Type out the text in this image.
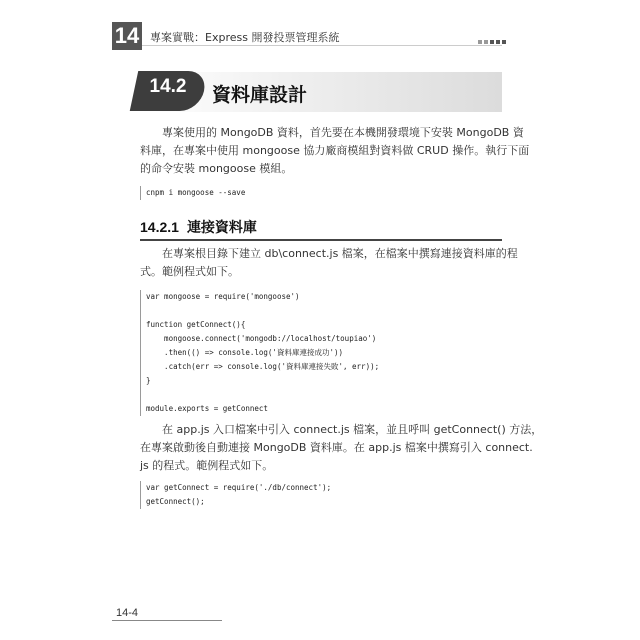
14 專案實戰：Express 開發投票管理系統
14.2	資料庫設計

專案使用的 MongoDB 資料，首先要在本機開發環境下安裝 MongoDB 資
料庫，在專案中使用 mongoose 協力廠商模組對資料做 CRUD 操作。執行下面
的命令安裝 mongoose 模組。

cnpm i mongoose --save
14.2.1 連接資料庫

在專案根目錄下建立 db\connect.js 檔案，在檔案中撰寫連接資料庫的程
式。範例程式如下。

var mongoose = require('mongoose')
function getConnect(){
mongoose.connect('mongodb://localhost/toupiao')
.then(() => console.log('資料庫連接成功'))
.catch(err => console.log('資料庫連接失敗', err));
}
module.exports = getConnect

在 app.js 入口檔案中引入 connect.js 檔案，並且呼叫 getConnect() 方法，
在專案啟動後自動連接 MongoDB 資料庫。在 app.js 檔案中撰寫引入 connect.
js 的程式。範例程式如下。

var getConnect = require('./db/connect');
getConnect();
14-4
